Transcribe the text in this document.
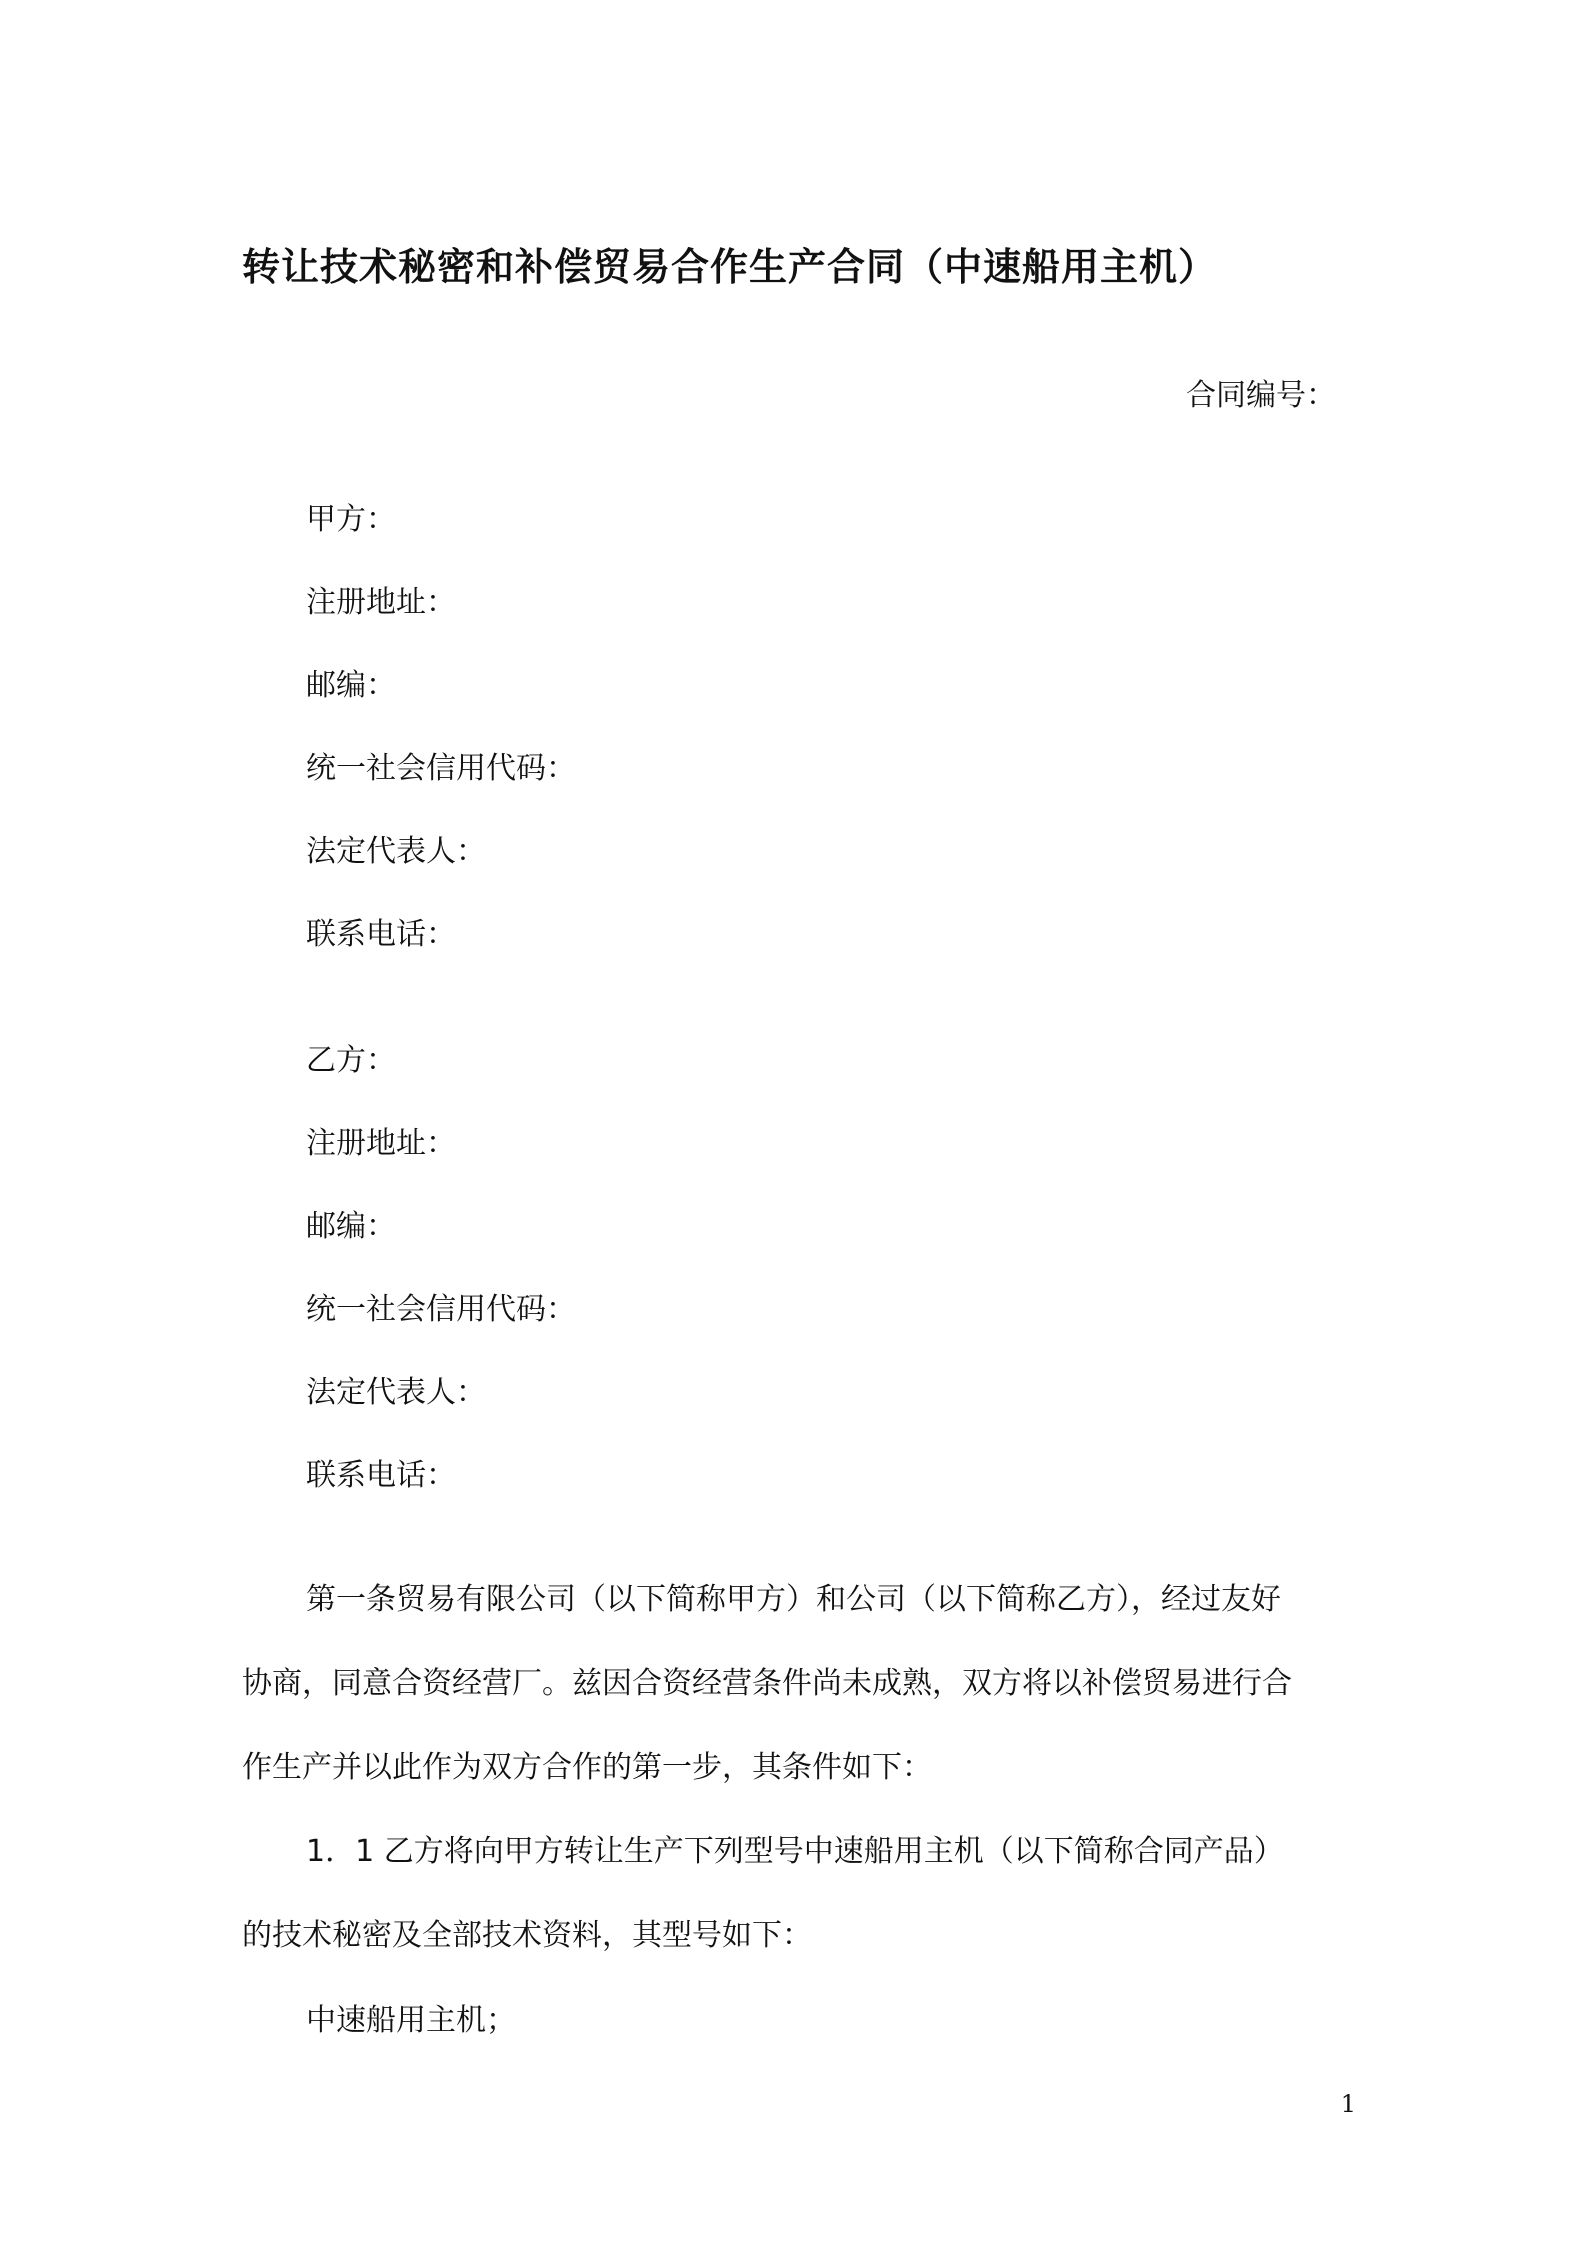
转让技术秘密和补偿贸易合作生产合同（中速船用主机）
合同编号：
甲方：
注册地址：
邮编：
统一社会信用代码：
法定代表人：
联系电话：
乙方：
注册地址：
邮编：
统一社会信用代码：
法定代表人：
联系电话：
第一条贸易有限公司（以下简称甲方）和公司（以下简称乙方），经过友好
协商，同意合资经营厂。兹因合资经营条件尚未成熟，双方将以补偿贸易进行合
作生产并以此作为双方合作的第一步，其条件如下：
1．1 乙方将向甲方转让生产下列型号中速船用主机（以下简称合同产品）
的技术秘密及全部技术资料，其型号如下：
中速船用主机；
1
